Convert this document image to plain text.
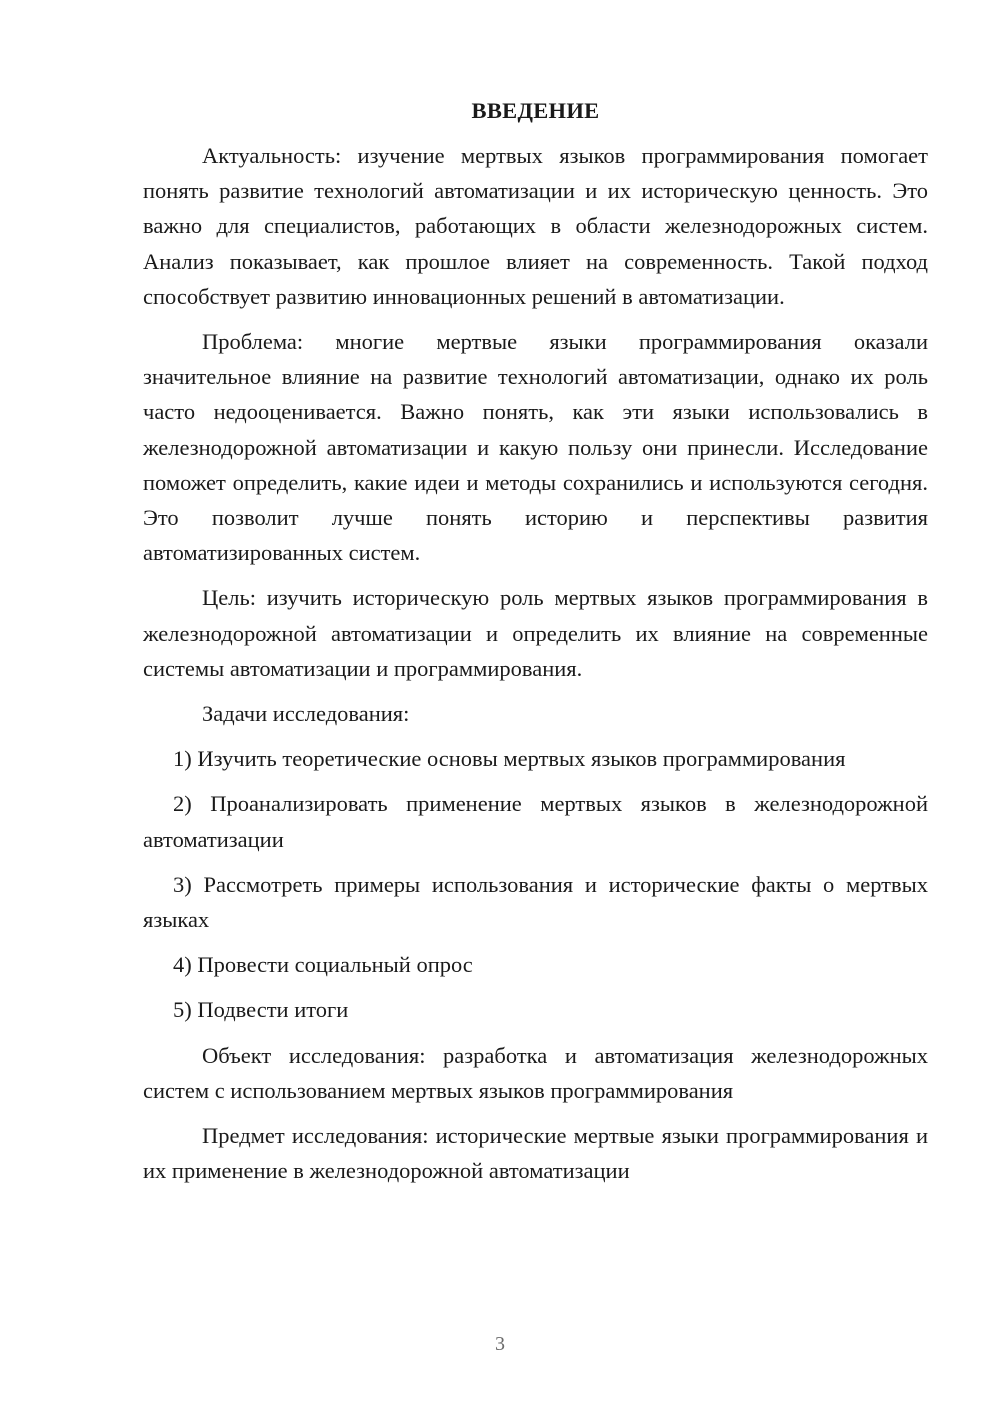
ВВЕДЕНИЕ

Актуальность: изучение мертвых языков программирования помогает понять развитие технологий автоматизации и их историческую ценность. Это важно для специалистов, работающих в области железнодорожных систем. Анализ показывает, как прошлое влияет на современность. Такой подход способствует развитию инновационных решений в автоматизации.

Проблема: многие мертвые языки программирования оказали значительное влияние на развитие технологий автоматизации, однако их роль часто недооценивается. Важно понять, как эти языки использовались в железнодорожной автоматизации и какую пользу они принесли. Исследование поможет определить, какие идеи и методы сохранились и используются сегодня. Это позволит лучше понять историю и перспективы развития автоматизированных систем.

Цель: изучить историческую роль мертвых языков программирования в железнодорожной автоматизации и определить их влияние на современные системы автоматизации и программирования.

Задачи исследования:

1) Изучить теоретические основы мертвых языков программирования

2) Проанализировать применение мертвых языков в железнодорожной автоматизации

3) Рассмотреть примеры использования и исторические факты о мертвых языках

4) Провести социальный опрос

5) Подвести итоги

Объект исследования: разработка и автоматизация железнодорожных систем с использованием мертвых языков программирования

Предмет исследования: исторические мертвые языки программирования и их применение в железнодорожной автоматизации

3
